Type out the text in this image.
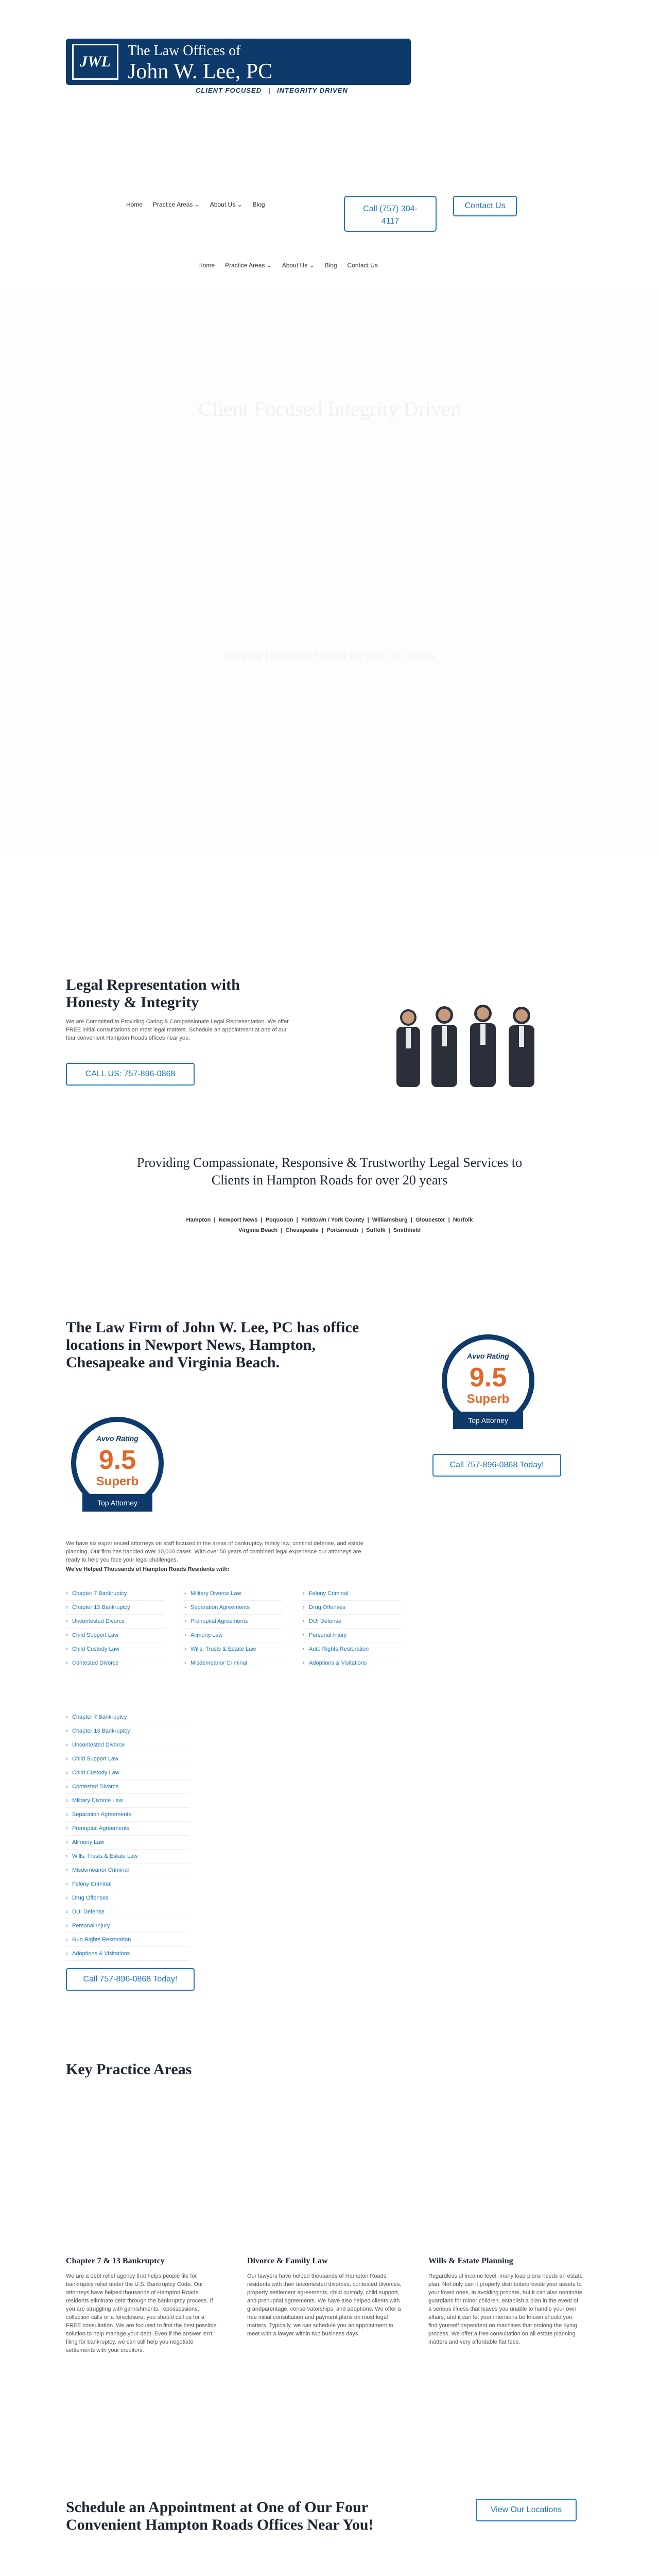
JWL
The Law Offices of
John W. Lee, PC
CLIENT FOCUSED | INTEGRITY DRIVEN
Home Practice Areas ⌄ About Us ⌄ Blog	Call (757) 304-4117
Contact Us
Home Practice Areas ⌄ About Us ⌄ Blog Contact Us
Client Focused Integrity Driven
Serving Hampton Roads for over 20 years
Legal Representation with Honesty & Integrity

We are Committed to Providing Caring & Compassionate Legal Representation. We offer FREE initial consultations on most legal matters. Schedule an appointment at one of our four convenient Hampton Roads offices near you.

CALL US: 757-896-0868
Providing Compassionate, Responsive & Trustworthy Legal Services to Clients in Hampton Roads for over 20 years
Hampton  |  Newport News  |  Poquoson  |  Yorktown / York County  |  Williamsburg  |  Gloucester  |  Norfolk
Virginia Beach  |  Chesapeake  |  Portsmouth  |  Suffolk  |  Smithfield
The Law Firm of John W. Lee, PC has office locations in Newport News, Hampton, Chesapeake and Virginia Beach.
Avvo Rating
9.5
Superb
Top Attorney
Avvo Rating
9.5
Superb
Top Attorney
Call 757-896-0868 Today!

We have six experienced attorneys on staff focused in the areas of bankruptcy, family law, criminal defense, and estate planning. Our firm has handled over 10,000 cases. With over 50 years of combined legal experience our attorneys are ready to help you face your legal challenges.

We've Helped Thousands of Hampton Roads Residents with:

› Chapter 7 Bankruptcy
› Chapter 13 Bankruptcy
› Uncontested Divorce
› Child Support Law
› Child Custody Law
› Contested Divorce
› Military Divorce Law
› Separation Agreements
› Prenuptial Agreements
› Alimony Law
› Wills, Trusts & Estate Law
› Misdemeanor Criminal
› Felony Criminal
› Drug Offenses
› DUI Defense
› Personal Injury
› Auto Rights Restoration
› Adoptions & Visitations
› Chapter 7 Bankruptcy
› Chapter 13 Bankruptcy
› Uncontested Divorce
› Child Support Law
› Child Custody Law
› Contested Divorce
› Military Divorce Law
› Separation Agreements
› Prenuptial Agreements
› Alimony Law
› Wills, Trusts & Estate Law
› Misdemeanor Criminal
› Felony Criminal
› Drug Offenses
› DUI Defense
› Personal Injury
› Gun Rights Restoration
› Adoptions & Visitations
Call 757-896-0868 Today!
Key Practice Areas
Chapter 7 & 13 Bankruptcy

We are a debt relief agency that helps people file for bankruptcy relief under the U.S. Bankruptcy Code. Our attorneys have helped thousands of Hampton Roads residents eliminate debt through the bankruptcy process. If you are struggling with garnishments, repossessions, collection calls or a foreclosure, you should call us for a FREE consultation. We are focused to find the best possible solution to help manage your debt. Even if the answer isn't filing for bankruptcy, we can still help you negotiate settlements with your creditors.

Divorce & Family Law

Our lawyers have helped thousands of Hampton Roads residents with their uncontested divorces, contested divorces, property settlement agreements, child custody, child support, and prenuptial agreements. We have also helped clients with grandparentage, conservatorships, and adoptions. We offer a free initial consultation and payment plans on most legal matters. Typically, we can schedule you an appointment to meet with a lawyer within two business days.

Wills & Estate Planning

Regardless of income level, many lead plans needs an estate plan. Not only can it properly distribute/provide your assets to your loved ones, in avoiding probate, but it can also nominate guardians for minor children, establish a plan in the event of a serious illness that leaves you unable to handle your own affairs, and it can let your intentions be known should you find yourself dependent on machines that prolong the dying process. We offer a free consultation on all estate planning matters and very affordable flat fees.

Schedule an Appointment at One of Our Four Convenient Hampton Roads Offices Near You!
View Our Locations
